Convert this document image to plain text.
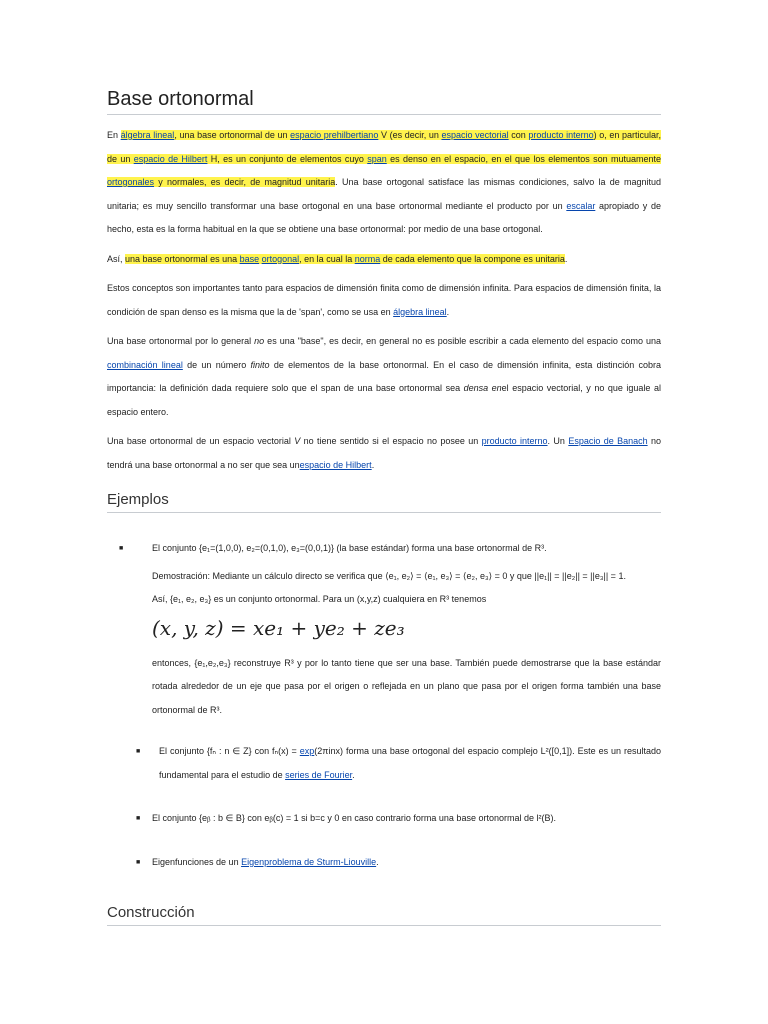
Base ortonormal

En álgebra lineal, una base ortonormal de un espacio prehilbertiano V (es decir, un espacio vectorial con producto interno) o, en particular, de un espacio de Hilbert H, es un conjunto de elementos cuyo span es denso en el espacio, en el que los elementos son mutuamente ortogonales y normales, es decir, de magnitud unitaria. Una base ortogonal satisface las mismas condiciones, salvo la de magnitud unitaria; es muy sencillo transformar una base ortogonal en una base ortonormal mediante el producto por un escalar apropiado y de hecho, esta es la forma habitual en la que se obtiene una base ortonormal: por medio de una base ortogonal.

Así, una base ortonormal es una base ortogonal, en la cual la norma de cada elemento que la compone es unitaria.

Estos conceptos son importantes tanto para espacios de dimensión finita como de dimensión infinita. Para espacios de dimensión finita, la condición de span denso es la misma que la de 'span', como se usa en álgebra lineal.

Una base ortonormal por lo general no es una "base", es decir, en general no es posible escribir a cada elemento del espacio como una combinación lineal de un número finito de elementos de la base ortonormal. En el caso de dimensión infinita, esta distinción cobra importancia: la definición dada requiere solo que el span de una base ortonormal sea densa enel espacio vectorial, y no que iguale al espacio entero.

Una base ortonormal de un espacio vectorial V no tiene sentido si el espacio no posee un producto interno. Un Espacio de Banach no tendrá una base ortonormal a no ser que sea unespacio de Hilbert.

Ejemplos
■	El conjunto {e₁=(1,0,0), e₂=(0,1,0), e₃=(0,0,1)} (la base estándar) forma una base ortonormal de R³.

Demostración: Mediante un cálculo directo se verifica que ⟨e₁, e₂⟩ = ⟨e₁, e₃⟩ = ⟨e₂, e₃⟩ = 0 y que ||e₁|| = ||e₂|| = ||e₃|| = 1.

Así, {e₁, e₂, e₃} es un conjunto ortonormal. Para un (x,y,z) cualquiera en R³ tenemos

(x, y, z) = xe₁ + ye₂ + ze₃

entonces, {e₁,e₂,e₃} reconstruye R³ y por lo tanto tiene que ser una base. También puede demostrarse que la base estándar rotada alrededor de un eje que pasa por el origen o reflejada en un plano que pasa por el origen forma también una base ortonormal de R³.

■ El conjunto {fₙ : n ∈ Z} con fₙ(x) = exp(2πinx) forma una base ortogonal del espacio complejo L²([0,1]). Este es un resultado fundamental para el estudio de series de Fourier.

■ El conjunto {eᵦ : b ∈ B} con eᵦ(c) = 1 si b=c y 0 en caso contrario forma una base ortonormal de l²(B).

■ Eigenfunciones de un Eigenproblema de Sturm-Liouville.

Construcción
